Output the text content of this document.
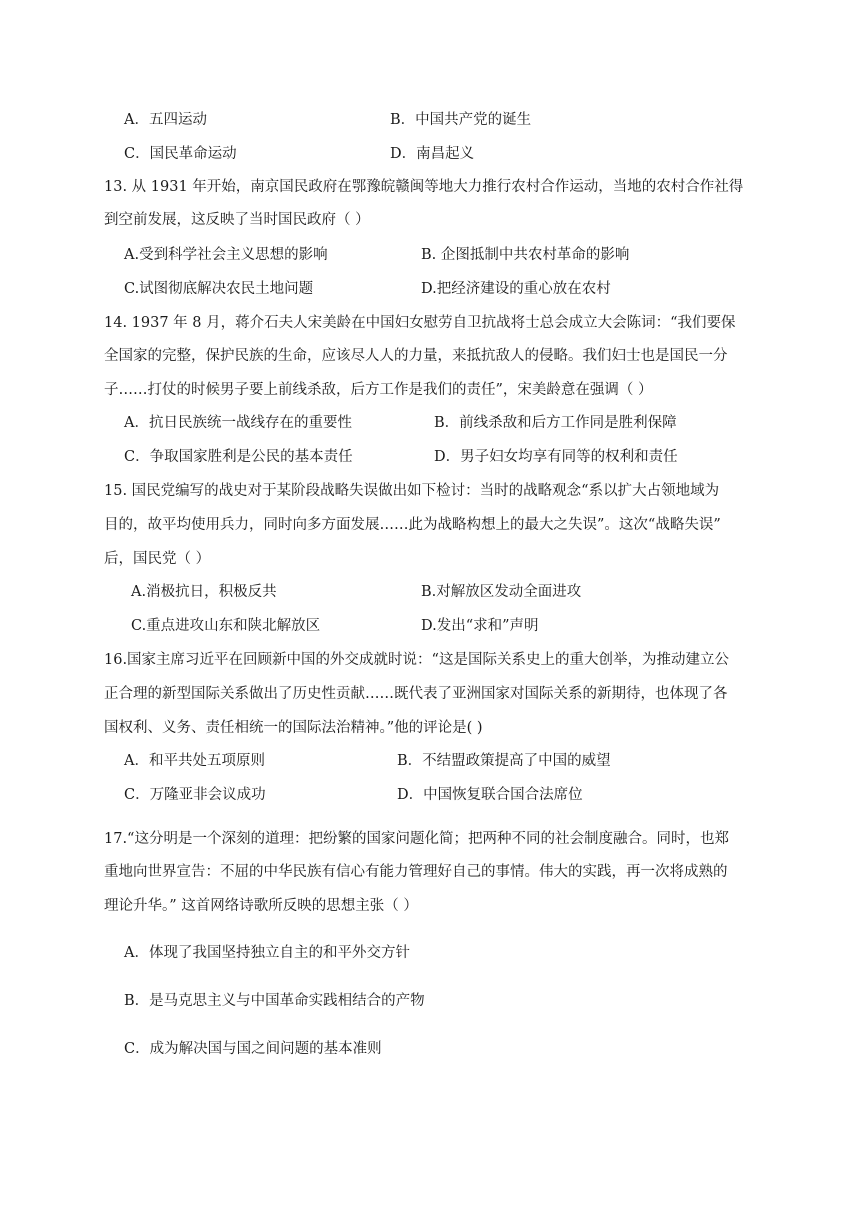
A．五四运动	B．中国共产党的诞生
C．国民革命运动	D．南昌起义
13. 从 1931 年开始，南京国民政府在鄂豫皖赣闽等地大力推行农村合作运动，当地的农村合作社得
到空前发展，这反映了当时国民政府（ ）
A.受到科学社会主义思想的影响	B. 企图抵制中共农村革命的影响
C.试图彻底解决农民土地问题	D.把经济建设的重心放在农村
14. 1937 年 8 月，蒋介石夫人宋美龄在中国妇女慰劳自卫抗战将士总会成立大会陈词：“我们要保
全国家的完整，保护民族的生命，应该尽人人的力量，来抵抗敌人的侵略。我们妇士也是国民一分
子……打仗的时候男子要上前线杀敌，后方工作是我们的责任”，宋美龄意在强调（ ）
A．抗日民族统一战线存在的重要性	B．前线杀敌和后方工作同是胜利保障
C．争取国家胜利是公民的基本责任	D．男子妇女均享有同等的权利和责任
15. 国民党编写的战史对于某阶段战略失误做出如下检讨：当时的战略观念“系以扩大占领地域为
目的，故平均使用兵力，同时向多方面发展……此为战略构想上的最大之失误”。这次“战略失误”
后，国民党（ ）
A.消极抗日，积极反共	B.对解放区发动全面进攻
C.重点进攻山东和陕北解放区	D.发出“求和”声明
16.国家主席习近平在回顾新中国的外交成就时说：“这是国际关系史上的重大创举，为推动建立公
正合理的新型国际关系做出了历史性贡献……既代表了亚洲国家对国际关系的新期待，也体现了各
国权利、义务、责任相统一的国际法治精神。”他的评论是( )
A．和平共处五项原则	B．不结盟政策提高了中国的威望
C．万隆亚非会议成功	D．中国恢复联合国合法席位
17.“这分明是一个深刻的道理：把纷繁的国家问题化简；把两种不同的社会制度融合。同时，也郑
重地向世界宣告：不屈的中华民族有信心有能力管理好自己的事情。伟大的实践，再一次将成熟的
理论升华。” 这首网络诗歌所反映的思想主张（ ）
A．体现了我国坚持独立自主的和平外交方针
B．是马克思主义与中国革命实践相结合的产物
C．成为解决国与国之间问题的基本准则
